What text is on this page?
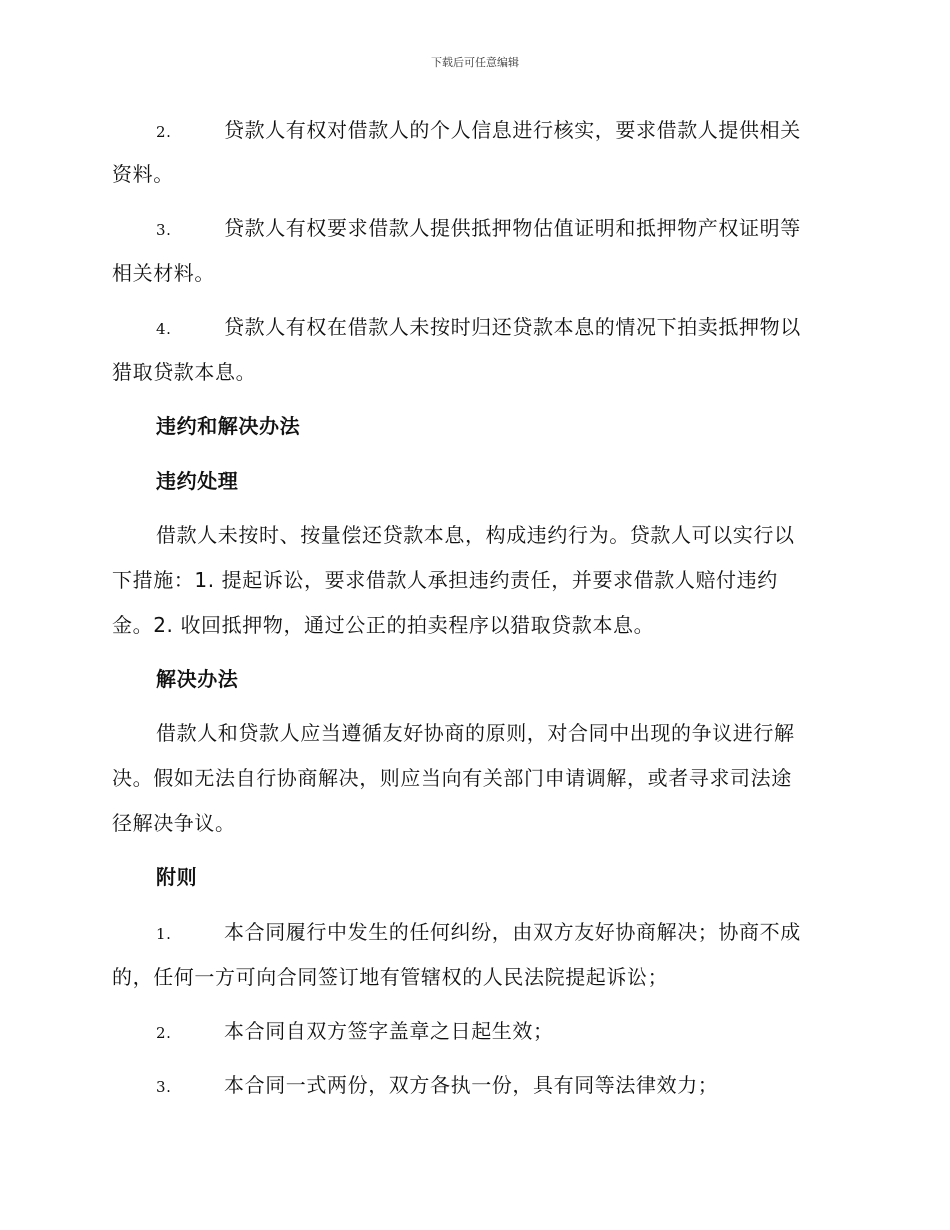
下载后可任意编辑
2.	贷款人有权对借款人的个人信息进行核实，要求借款人提供相关
资料。
3.	贷款人有权要求借款人提供抵押物估值证明和抵押物产权证明等
相关材料。
4.	贷款人有权在借款人未按时归还贷款本息的情况下拍卖抵押物以
猎取贷款本息。
违约和解决办法
违约处理
借款人未按时、按量偿还贷款本息，构成违约行为。贷款人可以实行以
下措施：1. 提起诉讼，要求借款人承担违约责任，并要求借款人赔付违约
金。2. 收回抵押物，通过公正的拍卖程序以猎取贷款本息。
解决办法
借款人和贷款人应当遵循友好协商的原则，对合同中出现的争议进行解
决。假如无法自行协商解决，则应当向有关部门申请调解，或者寻求司法途
径解决争议。
附则
1.	本合同履行中发生的任何纠纷，由双方友好协商解决；协商不成
的，任何一方可向合同签订地有管辖权的人民法院提起诉讼；
2.	本合同自双方签字盖章之日起生效；
3.	本合同一式两份，双方各执一份，具有同等法律效力；
